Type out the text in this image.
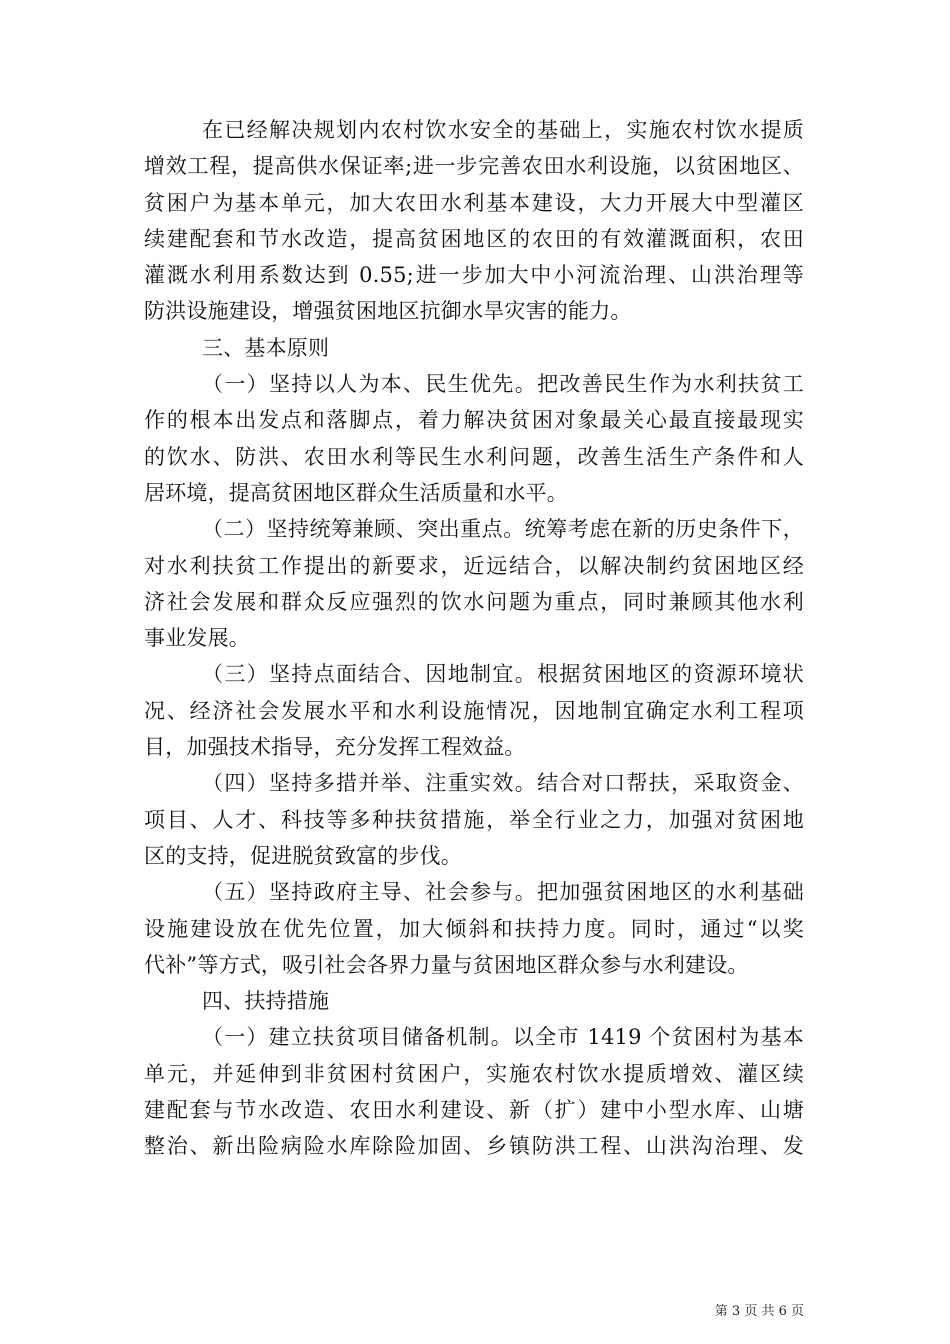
在已经解决规划内农村饮水安全的基础上，实施农村饮水提质
增效工程，提高供水保证率;进一步完善农田水利设施，以贫困地区、
贫困户为基本单元，加大农田水利基本建设，大力开展大中型灌区
续建配套和节水改造，提高贫困地区的农田的有效灌溉面积，农田
灌溉水利用系数达到 0.55;进一步加大中小河流治理、山洪治理等
防洪设施建设，增强贫困地区抗御水旱灾害的能力。
三、基本原则
（一）坚持以人为本、民生优先。把改善民生作为水利扶贫工
作的根本出发点和落脚点，着力解决贫困对象最关心最直接最现实
的饮水、防洪、农田水利等民生水利问题，改善生活生产条件和人
居环境，提高贫困地区群众生活质量和水平。
（二）坚持统筹兼顾、突出重点。统筹考虑在新的历史条件下，
对水利扶贫工作提出的新要求，近远结合，以解决制约贫困地区经
济社会发展和群众反应强烈的饮水问题为重点，同时兼顾其他水利
事业发展。
（三）坚持点面结合、因地制宜。根据贫困地区的资源环境状
况、经济社会发展水平和水利设施情况，因地制宜确定水利工程项
目，加强技术指导，充分发挥工程效益。
（四）坚持多措并举、注重实效。结合对口帮扶，采取资金、
项目、人才、科技等多种扶贫措施，举全行业之力，加强对贫困地
区的支持，促进脱贫致富的步伐。
（五）坚持政府主导、社会参与。把加强贫困地区的水利基础
设施建设放在优先位置，加大倾斜和扶持力度。同时，通过“以奖
代补”等方式，吸引社会各界力量与贫困地区群众参与水利建设。
四、扶持措施
（一）建立扶贫项目储备机制。以全市 1419 个贫困村为基本
单元，并延伸到非贫困村贫困户，实施农村饮水提质增效、灌区续
建配套与节水改造、农田水利建设、新（扩）建中小型水库、山塘
整治、新出险病险水库除险加固、乡镇防洪工程、山洪沟治理、发
第 3 页 共 6 页
